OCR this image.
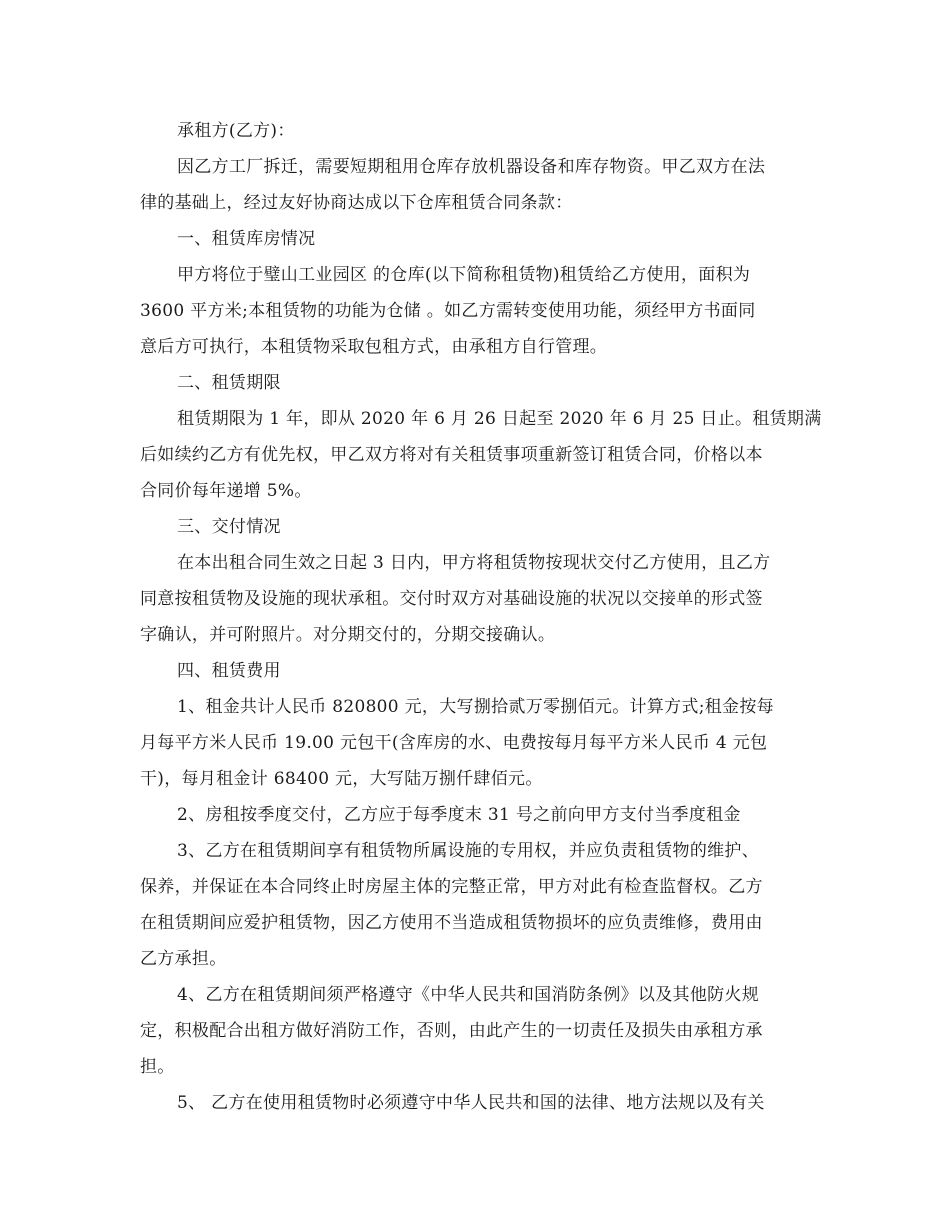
承租方(乙方)：
因乙方工厂拆迁，需要短期租用仓库存放机器设备和库存物资。甲乙双方在法
律的基础上，经过友好协商达成以下仓库租赁合同条款：
一、租赁库房情况
甲方将位于璧山工业园区 的仓库(以下简称租赁物)租赁给乙方使用，面积为
3600 平方米;本租赁物的功能为仓储 。如乙方需转变使用功能，须经甲方书面同
意后方可执行，本租赁物采取包租方式，由承租方自行管理。
二、租赁期限
租赁期限为 1 年，即从 2020 年 6 月 26 日起至 2020 年 6 月 25 日止。租赁期满
后如续约乙方有优先权，甲乙双方将对有关租赁事项重新签订租赁合同，价格以本
合同价每年递增 5%。
三、交付情况
在本出租合同生效之日起 3 日内，甲方将租赁物按现状交付乙方使用，且乙方
同意按租赁物及设施的现状承租。交付时双方对基础设施的状况以交接单的形式签
字确认，并可附照片。对分期交付的，分期交接确认。
四、租赁费用
1、租金共计人民币 820800 元，大写捌拾贰万零捌佰元。计算方式;租金按每
月每平方米人民币 19.00 元包干(含库房的水、电费按每月每平方米人民币 4 元包
干)，每月租金计 68400 元，大写陆万捌仟肆佰元。
2、房租按季度交付，乙方应于每季度末 31 号之前向甲方支付当季度租金
3、乙方在租赁期间享有租赁物所属设施的专用权，并应负责租赁物的维护、
保养，并保证在本合同终止时房屋主体的完整正常，甲方对此有检查监督权。乙方
在租赁期间应爱护租赁物，因乙方使用不当造成租赁物损坏的应负责维修，费用由
乙方承担。
4、乙方在租赁期间须严格遵守《中华人民共和国消防条例》以及其他防火规
定，积极配合出租方做好消防工作，否则，由此产生的一切责任及损失由承租方承
担。
5、 乙方在使用租赁物时必须遵守中华人民共和国的法律、地方法规以及有关
